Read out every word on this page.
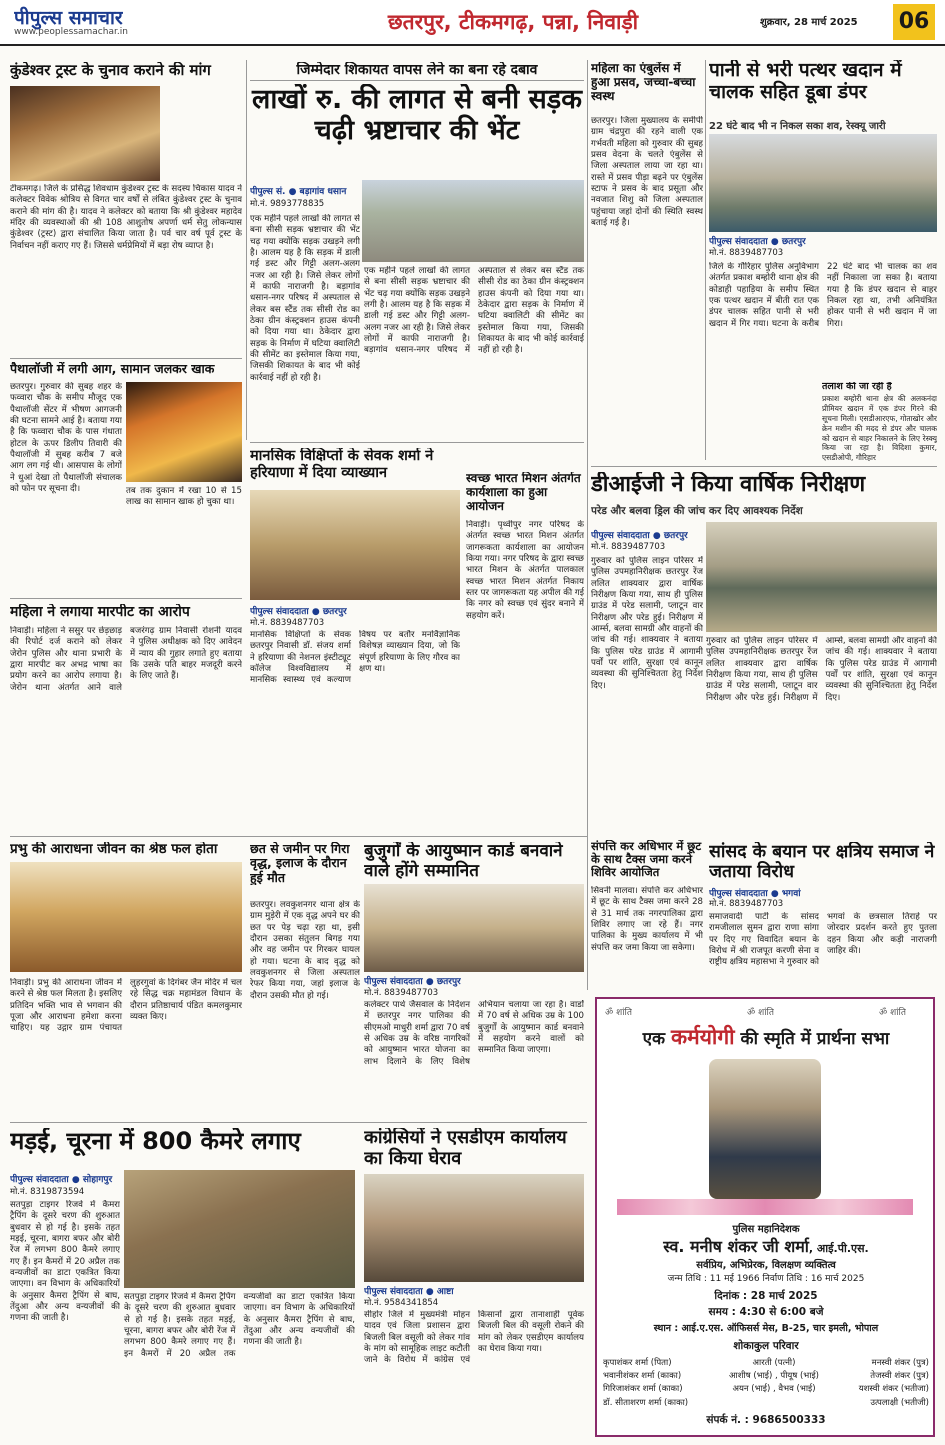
पीपुल्स समाचार
www.peoplessamachar.in	छतरपुर, टीकमगढ़, पन्ना, निवाड़ी	शुक्रवार, 28 मार्च 2025 06
कुंडेश्वर ट्रस्ट के चुनाव कराने की मांग
टीकमगढ़। जिले के प्रसिद्ध शिवधाम कुंडेश्वर ट्रस्ट के सदस्य चिकास यादव ने कलेक्टर विवेक श्रोत्रिय से विगत चार वर्षों से लंबित कुंडेश्वर ट्रस्ट के चुनाव कराने की मांग की है। यादव ने कलेक्टर को बताया कि श्री कुंडेश्वर महादेव मंदिर की व्यवस्थाओं की श्री 108 आशुतोष अपर्णा धर्म सेतु लोकन्यास कुंडेश्वर (ट्रस्ट) द्वारा संचालित किया जाता है। पर्व चार वर्ष पूर्व ट्रस्ट के निर्वाचन नहीं कराए गए हैं। जिससे धर्मप्रेमियों में बड़ा रोष व्याप्त है।
जिम्मेदार शिकायत वापस लेने का बना रहे दबाव
लाखों रु. की लागत से बनी सड़क चढ़ी भ्रष्टाचार की भेंट
पीपुल्स सं. ● बड़ागांव धसान
मो.नं. 9893778835
एक महीने पहले लाखों की लागत से बना सीसी सड़क भ्रष्टाचार की भेंट चढ़ गया क्योंकि सड़क उखड़ने लगी है। आलम यह है कि सड़क में डाली गई डस्ट और गिट्टी अलग-अलग नजर आ रही है। जिसे लेकर लोगों में काफी नाराजगी है। बड़ागांव धसान-नगर परिषद में अस्पताल से लेकर बस स्टैंड तक सीसी रोड का ठेका ग्रीन कंस्ट्रक्शन हाउस कंपनी को दिया गया था। ठेकेदार द्वारा सड़क के निर्माण में घटिया क्वालिटी की सीमेंट का इस्तेमाल किया गया, जिसकी शिकायत के बाद भी कोई कार्रवाई नहीं हो रही है।
एक महीने पहले लाखों की लागत से बना सीसी सड़क भ्रष्टाचार की भेंट चढ़ गया क्योंकि सड़क उखड़ने लगी है। आलम यह है कि सड़क में डाली गई डस्ट और गिट्टी अलग-अलग नजर आ रही है। जिसे लेकर लोगों में काफी नाराजगी है। बड़ागांव धसान-नगर परिषद में अस्पताल से लेकर बस स्टैंड तक सीसी रोड का ठेका ग्रीन कंस्ट्रक्शन हाउस कंपनी को दिया गया था। ठेकेदार द्वारा सड़क के निर्माण में घटिया क्वालिटी की सीमेंट का इस्तेमाल किया गया, जिसकी शिकायत के बाद भी कोई कार्रवाई नहीं हो रही है।
पैथालॉजी में लगी आग, सामान जलकर खाक
छतरपुर। गुरुवार की सुबह शहर के फव्वारा चौक के समीप मौजूद एक पैथालॉजी सेंटर में भीषण आगजनी की घटना सामने आई है। बताया गया है कि फव्वारा चौक के पास गंधाता होटल के ऊपर डिलीप तिवारी की पैथालॉजी में सुबह करीब 7 बजे आग लग गई थी। आसपास के लोगों ने धुआं देखा तो पैथालॉजी संचालक को फोन पर सूचना दी।	तब तक दुकान में रखा 10 से 15 लाख का सामान खाक हो चुका था।
महिला का एंबुलेंस में हुआ प्रसव, जच्चा-बच्चा स्वस्थ
छतरपुर। जिला मुख्यालय के समीपी ग्राम चंद्रपुरा की रहने वाली एक गर्भवती महिला को गुरुवार की सुबह प्रसव वेदना के चलते एंबुलेंस से जिला अस्पताल लाया जा रहा था। रास्ते में प्रसव पीड़ा बढ़ने पर एंबुलेंस स्टाफ ने प्रसव के बाद प्रसूता और नवजात शिशु को जिला अस्पताल पहुंचाया जहां दोनों की स्थिति स्वस्थ बताई गई है।
पानी से भरी पत्थर खदान में चालक सहित डूबा डंपर
22 घंटे बाद भी न निकल सका शव, रेस्क्यू जारी
पीपुल्स संवाददाता ● छतरपुर
मो.नं. 8839487703
जिले के गौरिहार पुलिस अनुविभाग अंतर्गत प्रकाश बम्होरी थाना क्षेत्र की कोडाही पहाड़िया के समीप स्थित एक पत्थर खदान में बीती रात एक डंपर चालक सहित पानी से भरी खदान में गिर गया। घटना के करीब 22 घंटे बाद भी चालक का शव नहीं निकाला जा सका है। बताया गया है कि डंपर खदान से बाहर निकल रहा था, तभी अनियंत्रित होकर पानी से भरी खदान में जा गिरा।
तलाश की जा रही है
प्रकाश बम्होरी थाना क्षेत्र की अलकनंदा प्रीमियर खदान में एक डंपर गिरने की सूचना मिली। एसडीआरएफ, गोताखोर और क्रेन मशीन की मदद से डंपर और चालक को खदान से बाहर निकालने के लिए रेस्क्यू किया जा रहा है। विदिशा कुमार, एसडीओपी, गौरिहार
मानसिक विक्षिप्तों के सेवक शर्मा ने हरियाणा में दिया व्याख्यान
पीपुल्स संवाददाता ● छतरपुर
मो.नं. 8839487703
मानसिक विक्षिप्तों के सेवक छतरपुर निवासी डॉ. संजय शर्मा ने हरियाणा की नेशनल इंस्टीट्यूट कॉलेज विश्वविद्यालय में मानसिक स्वास्थ्य एवं कल्याण विषय पर बतौर मनोवैज्ञानिक विशेषज्ञ व्याख्यान दिया, जो कि संपूर्ण हरियाणा के लिए गौरव का क्षण था।
स्वच्छ भारत मिशन अंतर्गत कार्यशाला का हुआ आयोजन
निवाड़ी। पृथ्वीपुर नगर परिषद के अंतर्गत स्वच्छ भारत मिशन अंतर्गत जागरूकता कार्यशाला का आयोजन किया गया। नगर परिषद के द्वारा स्वच्छ भारत मिशन के अंतर्गत पालकाल स्वच्छ भारत मिशन अंतर्गत निकाय स्तर पर जागरूकता यह अपील की गई कि नगर को स्वच्छ एवं सुंदर बनाने में सहयोग करें।
डीआईजी ने किया वार्षिक निरीक्षण
परेड और बलवा ड्रिल की जांच कर दिए आवश्यक निर्देश
पीपुल्स संवाददाता ● छतरपुर
मो.नं. 8839487703
गुरुवार को पुलिस लाइन परिसर में पुलिस उपमहानिरीक्षक छतरपुर रेंज ललित शाक्यवार द्वारा वार्षिक निरीक्षण किया गया, साथ ही पुलिस ग्राउंड में परेड सलामी, प्लाटून वार निरीक्षण और परेड हुई। निरीक्षण में आर्म्स, बलवा सामग्री और वाहनों की जांच की गई। शाक्यवार ने बताया कि पुलिस परेड ग्राउंड में आगामी पर्वों पर शांति, सुरक्षा एवं कानून व्यवस्था की सुनिश्चितता हेतु निर्देश दिए।
गुरुवार को पुलिस लाइन परिसर में पुलिस उपमहानिरीक्षक छतरपुर रेंज ललित शाक्यवार द्वारा वार्षिक निरीक्षण किया गया, साथ ही पुलिस ग्राउंड में परेड सलामी, प्लाटून वार निरीक्षण और परेड हुई। निरीक्षण में आर्म्स, बलवा सामग्री और वाहनों की जांच की गई। शाक्यवार ने बताया कि पुलिस परेड ग्राउंड में आगामी पर्वों पर शांति, सुरक्षा एवं कानून व्यवस्था की सुनिश्चितता हेतु निर्देश दिए।
महिला ने लगाया मारपीट का आरोप
निवाड़ी। महिला ने ससुर पर छेड़छाड़ की रिपोर्ट दर्ज कराने को लेकर जेरोन पुलिस और थाना प्रभारी के द्वारा मारपीट कर अभद्र भाषा का प्रयोग करने का आरोप लगाया है। जेरोन थाना अंतर्गत आने वाले बजरंगढ़ ग्राम निवासी रोशनी यादव ने पुलिस अधीक्षक को दिए आवेदन में न्याय की गुहार लगाते हुए बताया कि उसके पति बाहर मजदूरी करने के लिए जाते हैं।
प्रभु की आराधना जीवन का श्रेष्ठ फल होता
निवाड़ी। प्रभु की आराधना जीवन में करने से श्रेष्ठ फल मिलता है। इसलिए प्रतिदिन भक्ति भाव से भगवान की पूजा और आराधना हमेशा करना चाहिए। यह उद्गार ग्राम पंचायत लुहरगुवां के दिगंबर जैन मंदिर में चल रहे सिद्ध चक्र महामंडल विधान के दौरान प्रतिष्ठाचार्य पंडित कमलकुमार व्यक्त किए।
छत से जमीन पर गिरा वृद्ध, इलाज के दौरान हुई मौत
छतरपुर। लवकुशनगर थाना क्षेत्र के ग्राम मुड़ेरी में एक वृद्ध अपने घर की छत पर पेड़ चढ़ा रहा था, इसी दौरान उसका संतुलन बिगड़ गया और वह जमीन पर गिरकर घायल हो गया। घटना के बाद वृद्ध को लवकुशनगर से जिला अस्पताल रेफर किया गया, जहां इलाज के दौरान उसकी मौत हो गई।
बुजुर्गों के आयुष्मान कार्ड बनवाने वाले होंगे सम्मानित
पीपुल्स संवाददाता ● छतरपुर
मो.नं. 8839487703
कलेक्टर पार्थ जैसवाल के निर्देशन में छतरपुर नगर पालिका की सीएमओ माधुरी शर्मा द्वारा 70 वर्ष से अधिक उम्र के वरिष्ठ नागरिकों को आयुष्मान भारत योजना का लाभ दिलाने के लिए विशेष अभियान चलाया जा रहा है। वार्डों में 70 वर्ष से अधिक उम्र के 100 बुजुर्गों के आयुष्मान कार्ड बनवाने में सहयोग करने वालों को सम्मानित किया जाएगा।
संपत्ति कर अधिभार में छूट के साथ टैक्स जमा करने शिविर आयोजित
सिवनी मालवा। संपत्ति कर अधिभार में छूट के साथ टैक्स जमा करने 28 से 31 मार्च तक नगरपालिका द्वारा शिविर लगाए जा रहे हैं। नगर पालिका के मुख्य कार्यालय में भी संपत्ति कर जमा किया जा सकेगा।
सांसद के बयान पर क्षत्रिय समाज ने जताया विरोध
पीपुल्स संवाददाता ● भगवां
मो.नं. 8839487703
समाजवादी पार्टी के सांसद रामजीलाल सुमन द्वारा राणा सांगा पर दिए गए विवादित बयान के विरोध में श्री राजपूत करणी सेना व राष्ट्रीय क्षत्रिय महासभा ने गुरुवार को भगवां के छत्रसाल तिराहे पर जोरदार प्रदर्शन करते हुए पुतला दहन किया और कड़ी नाराजगी जाहिर की।
मड़ई, चूरना में 800 कैमरे लगाए
पीपुल्स संवाददाता ● सोहागपुर
मो.नं. 8319873594
सतपुड़ा टाइगर रिजर्व में कैमरा ट्रैपिंग के दूसरे चरण की शुरुआत बुधवार से हो गई है। इसके तहत मड़ई, चूरना, बागरा बफर और बोरी रेंज में लगभग 800 कैमरे लगाए गए हैं। इन कैमरों में 20 अप्रैल तक वन्यजीवों का डाटा एकत्रित किया जाएगा। वन विभाग के अधिकारियों के अनुसार कैमरा ट्रैपिंग से बाघ, तेंदुआ और अन्य वन्यजीवों की गणना की जाती है।
सतपुड़ा टाइगर रिजर्व में कैमरा ट्रैपिंग के दूसरे चरण की शुरुआत बुधवार से हो गई है। इसके तहत मड़ई, चूरना, बागरा बफर और बोरी रेंज में लगभग 800 कैमरे लगाए गए हैं। इन कैमरों में 20 अप्रैल तक वन्यजीवों का डाटा एकत्रित किया जाएगा। वन विभाग के अधिकारियों के अनुसार कैमरा ट्रैपिंग से बाघ, तेंदुआ और अन्य वन्यजीवों की गणना की जाती है।
कांग्रेसियों ने एसडीएम कार्यालय का किया घेराव
पीपुल्स संवाददाता ● आष्टा
मो.नं. 9584341854
सीहोर जिले में मुख्यमंत्री मोहन यादव एवं जिला प्रशासन द्वारा बिजली बिल वसूली को लेकर गांव के मांग को सामूहिक लाइट कटौती जाने के विरोध में कांग्रेस एवं किसानों द्वारा तानाशाही पूर्वक बिजली बिल की वसूली रोकने की मांग को लेकर एसडीएम कार्यालय का घेराव किया गया।
ॐ शांति	ॐ शांति	ॐ शांति
एक कर्मयोगी की स्मृति में प्रार्थना सभा
पुलिस महानिदेशक
स्व. मनीष शंकर जी शर्मा, आई.पी.एस.
सर्वप्रिय, अभिप्रेरक, विलक्षण व्यक्तित्व
जन्म तिथि : 11 मई 1966 निर्वाण तिथि : 16 मार्च 2025
दिनांक : 28 मार्च 2025
समय : 4:30 से 6:00 बजे
स्थान : आई.ए.एस. ऑफिसर्स मेस, B-25, चार इमली, भोपाल
शोकाकुल परिवार
कृपाशंकर शर्मा (पिता)
भवानीशंकर शर्मा (काका)
गिरिजाशंकर शर्मा (काका)
डॉ. सीताशरण शर्मा (काका)
आरती (पत्नी)
आशीष (भाई) , पीयूष (भाई)
अयन (भाई) , वैभव (भाई)
मनस्वी शंकर (पुत्र)
तेजस्वी शंकर (पुत्र)
यशस्वी शंकर (भतीजा)
उत्पलाक्षी (भतीजी)
संपर्क नं. : 9686500333
